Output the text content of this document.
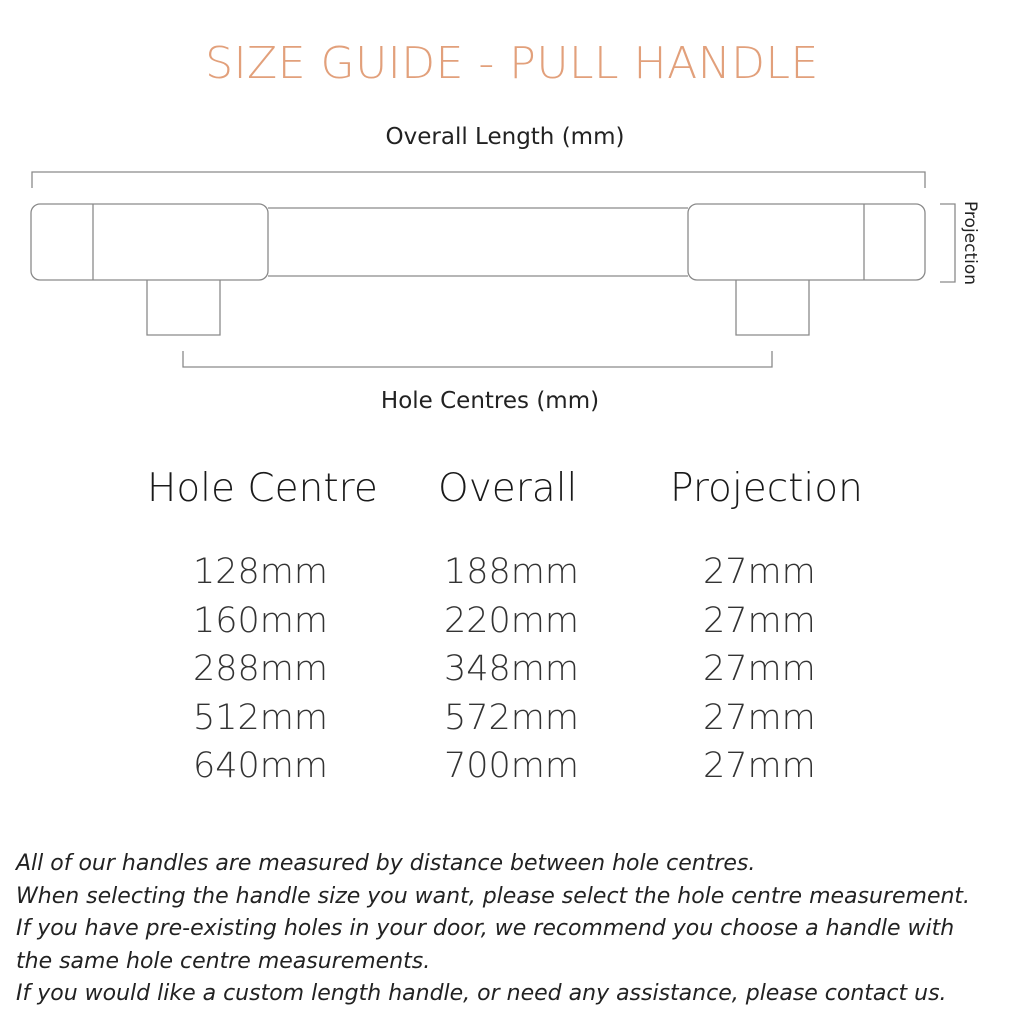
SIZE GUIDE - PULL HANDLE
Projection
Overall Length (mm)
Hole Centres (mm)
Hole Centre Overall Projection
128mm
160mm
288mm
512mm
640mm
188mm
220mm
348mm
572mm
700mm
27mm
27mm
27mm
27mm
27mm
All of our handles are measured by distance between hole centres.
When selecting the handle size you want, please select the hole centre measurement.
If you have pre-existing holes in your door, we recommend you choose a handle with
the same hole centre measurements.
If you would like a custom length handle, or need any assistance, please contact us.
